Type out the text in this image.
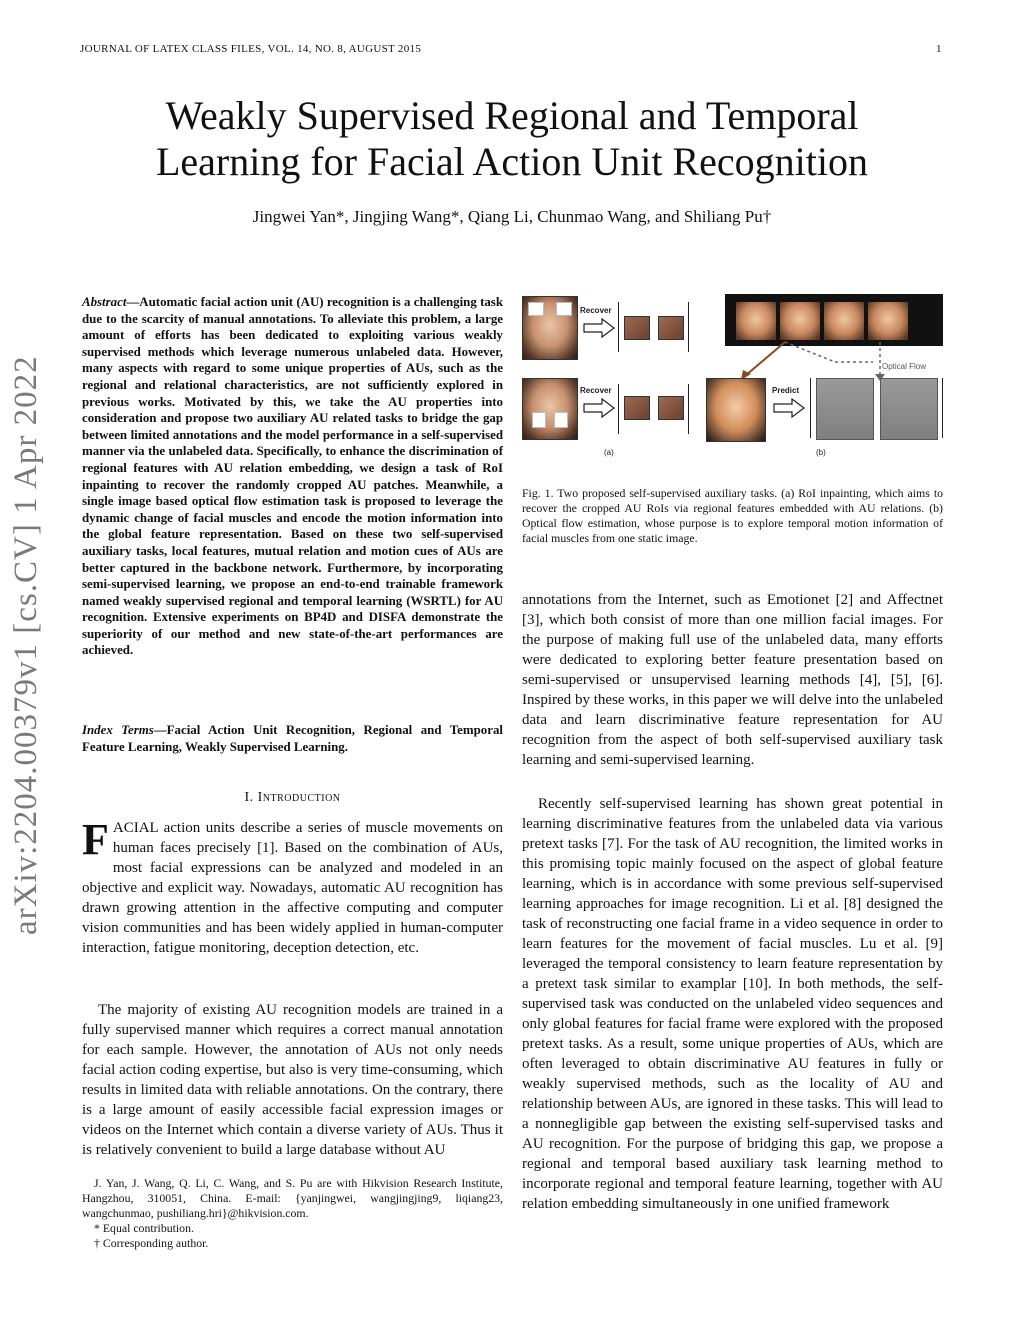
JOURNAL OF LATEX CLASS FILES, VOL. 14, NO. 8, AUGUST 2015	1
Weakly Supervised Regional and Temporal
Learning for Facial Action Unit Recognition
Jingwei Yan*, Jingjing Wang*, Qiang Li, Chunmao Wang, and Shiliang Pu†
arXiv:2204.00379v1 [cs.CV] 1 Apr 2022
Abstract—Automatic facial action unit (AU) recognition is a challenging task due to the scarcity of manual annotations. To alleviate this problem, a large amount of efforts has been dedicated to exploiting various weakly supervised methods which leverage numerous unlabeled data. However, many aspects with regard to some unique properties of AUs, such as the regional and relational characteristics, are not sufficiently explored in previous works. Motivated by this, we take the AU properties into consideration and propose two auxiliary AU related tasks to bridge the gap between limited annotations and the model performance in a self-supervised manner via the unlabeled data. Specifically, to enhance the discrimination of regional features with AU relation embedding, we design a task of RoI inpainting to recover the randomly cropped AU patches. Meanwhile, a single image based optical flow estimation task is proposed to leverage the dynamic change of facial muscles and encode the motion information into the global feature representation. Based on these two self-supervised auxiliary tasks, local features, mutual relation and motion cues of AUs are better captured in the backbone network. Furthermore, by incorporating semi-supervised learning, we propose an end-to-end trainable framework named weakly supervised regional and temporal learning (WSRTL) for AU recognition. Extensive experiments on BP4D and DISFA demonstrate the superiority of our method and new state-of-the-art performances are achieved.
Index Terms—Facial Action Unit Recognition, Regional and Temporal Feature Learning, Weakly Supervised Learning.
I. Introduction

FACIAL action units describe a series of muscle movements on human faces precisely [1]. Based on the combination of AUs, most facial expressions can be analyzed and modeled in an objective and explicit way. Nowadays, automatic AU recognition has drawn growing attention in the affective computing and computer vision communities and has been widely applied in human-computer interaction, fatigue monitoring, deception detection, etc.

The majority of existing AU recognition models are trained in a fully supervised manner which requires a correct manual annotation for each sample. However, the annotation of AUs not only needs facial action coding expertise, but also is very time-consuming, which results in limited data with reliable annotations. On the contrary, there is a large amount of easily accessible facial expression images or videos on the Internet which contain a diverse variety of AUs. Thus it is relatively convenient to build a large database without AU

J. Yan, J. Wang, Q. Li, C. Wang, and S. Pu are with Hikvision Research Institute, Hangzhou, 310051, China. E-mail: {yanjingwei, wangjingjing9, liqiang23, wangchunmao, pushiliang.hri}@hikvision.com.

* Equal contribution.

† Corresponding author.

Recover
Recover
(a)
Optical Flow
Predict
(b)
Fig. 1. Two proposed self-supervised auxiliary tasks. (a) RoI inpainting, which aims to recover the cropped AU RoIs via regional features embedded with AU relations. (b) Optical flow estimation, whose purpose is to explore temporal motion information of facial muscles from one static image.

annotations from the Internet, such as Emotionet [2] and Affectnet [3], which both consist of more than one million facial images. For the purpose of making full use of the unlabeled data, many efforts were dedicated to exploring better feature presentation based on semi-supervised or unsupervised learning methods [4], [5], [6]. Inspired by these works, in this paper we will delve into the unlabeled data and learn discriminative feature representation for AU recognition from the aspect of both self-supervised auxiliary task learning and semi-supervised learning.

Recently self-supervised learning has shown great potential in learning discriminative features from the unlabeled data via various pretext tasks [7]. For the task of AU recognition, the limited works in this promising topic mainly focused on the aspect of global feature learning, which is in accordance with some previous self-supervised learning approaches for image recognition. Li et al. [8] designed the task of reconstructing one facial frame in a video sequence in order to learn features for the movement of facial muscles. Lu et al. [9] leveraged the temporal consistency to learn feature representation by a pretext task similar to examplar [10]. In both methods, the self-supervised task was conducted on the unlabeled video sequences and only global features for facial frame were explored with the proposed pretext tasks. As a result, some unique properties of AUs, which are often leveraged to obtain discriminative AU features in fully or weakly supervised methods, such as the locality of AU and relationship between AUs, are ignored in these tasks. This will lead to a nonnegligible gap between the existing self-supervised tasks and AU recognition. For the purpose of bridging this gap, we propose a regional and temporal based auxiliary task learning method to incorporate regional and temporal feature learning, together with AU relation embedding simultaneously in one unified framework
